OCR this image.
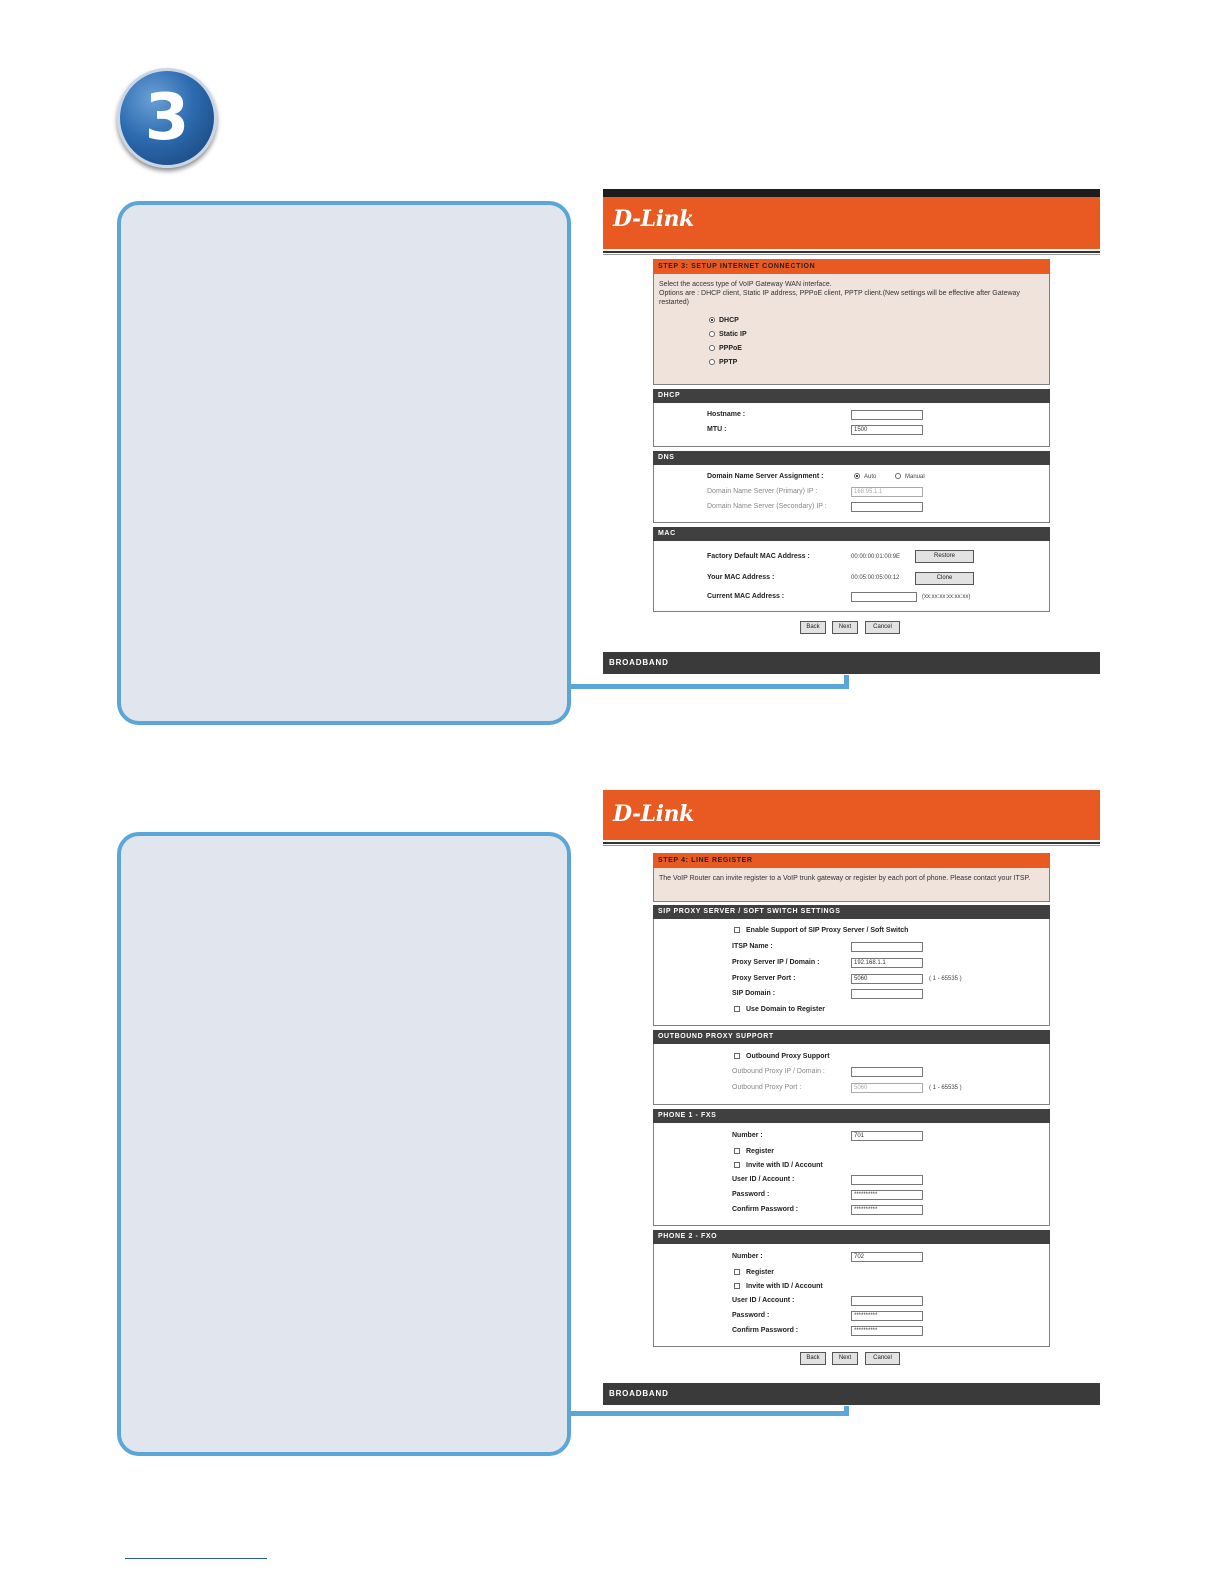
3
D-Link
STEP 3: SETUP INTERNET CONNECTION
Select the access type of VoIP Gateway WAN interface.
Options are : DHCP client, Static IP address, PPPoE client, PPTP client.(New settings will be effective after Gateway restarted)
DHCP
Static IP
PPPoE
PPTP
DHCP
Hostname :
MTU :	1500
DNS
Domain Name Server Assignment :	Auto	Manual
Domain Name Server (Primary) IP :	168.95.1.1
Domain Name Server (Secondary) IP :
MAC
Factory Default MAC Address :	00:00:00:01:00:9E	Restore
Your MAC Address :	00:05:00:05:00:12	Clone
Current MAC Address :	(xx:xx:xx:xx:xx:xx)
Back	Next	Cancel
BROADBAND
D-Link
STEP 4: LINE REGISTER
The VoIP Router can invite register to a VoIP trunk gateway or register by each port of phone. Please contact your ITSP.
SIP PROXY SERVER / SOFT SWITCH SETTINGS
Enable Support of SIP Proxy Server / Soft Switch
ITSP Name :
Proxy Server IP / Domain :	192.168.1.1
Proxy Server Port :	5060	( 1 - 65535 )
SIP Domain :
Use Domain to Register
OUTBOUND PROXY SUPPORT
Outbound Proxy Support
Outbound Proxy IP / Domain :
Outbound Proxy Port :	5060	( 1 - 65535 )
PHONE 1 - FXS
Number :	701
Register
Invite with ID / Account
User ID / Account :
Password :	**********
Confirm Password :	**********
PHONE 2 - FXO
Number :	702
Register
Invite with ID / Account
User ID / Account :
Password :	**********
Confirm Password :	**********
Back	Next	Cancel
BROADBAND
